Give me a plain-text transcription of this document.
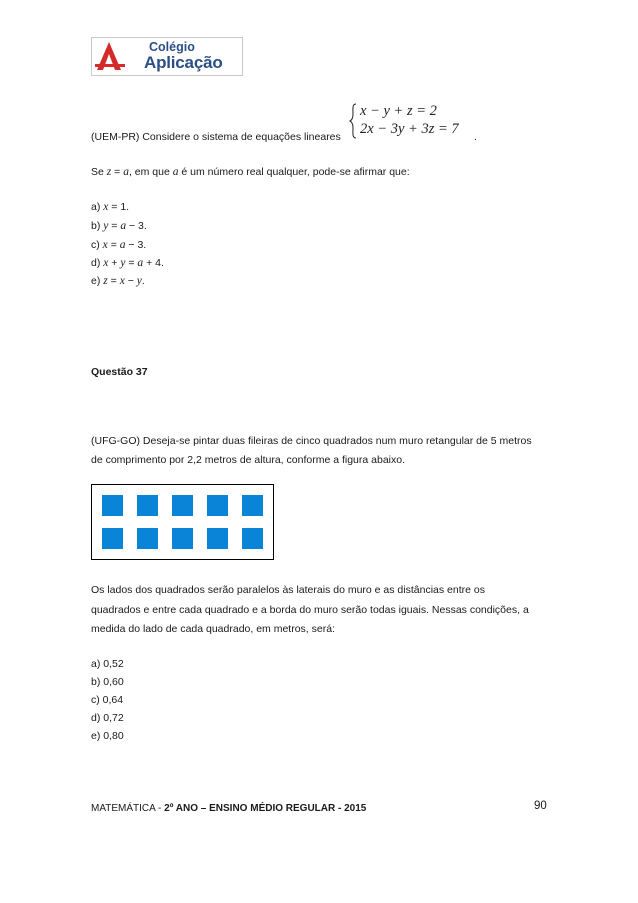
Colégio
Aplicação
(UEM-PR) Considere o sistema de equações lineares
x − y + z = 2
2x − 3y + 3z = 7 .
Se z = a, em que a é um número real qualquer, pode-se afirmar que:
a) x = 1.
b) y = a − 3.
c) x = a − 3.
d) x + y = a + 4.
e) z = x − y.
Questão 37
(UFG-GO) Deseja-se pintar duas fileiras de cinco quadrados num muro retangular de 5 metros
de comprimento por 2,2 metros de altura, conforme a figura abaixo.
Os lados dos quadrados serão paralelos às laterais do muro e as distâncias entre os
quadrados e entre cada quadrado e a borda do muro serão todas iguais. Nessas condições, a
medida do lado de cada quadrado, em metros, será:
a) 0,52
b) 0,60
c) 0,64
d) 0,72
e) 0,80
MATEMÁTICA - 2º ANO – ENSINO MÉDIO REGULAR - 2015	90
